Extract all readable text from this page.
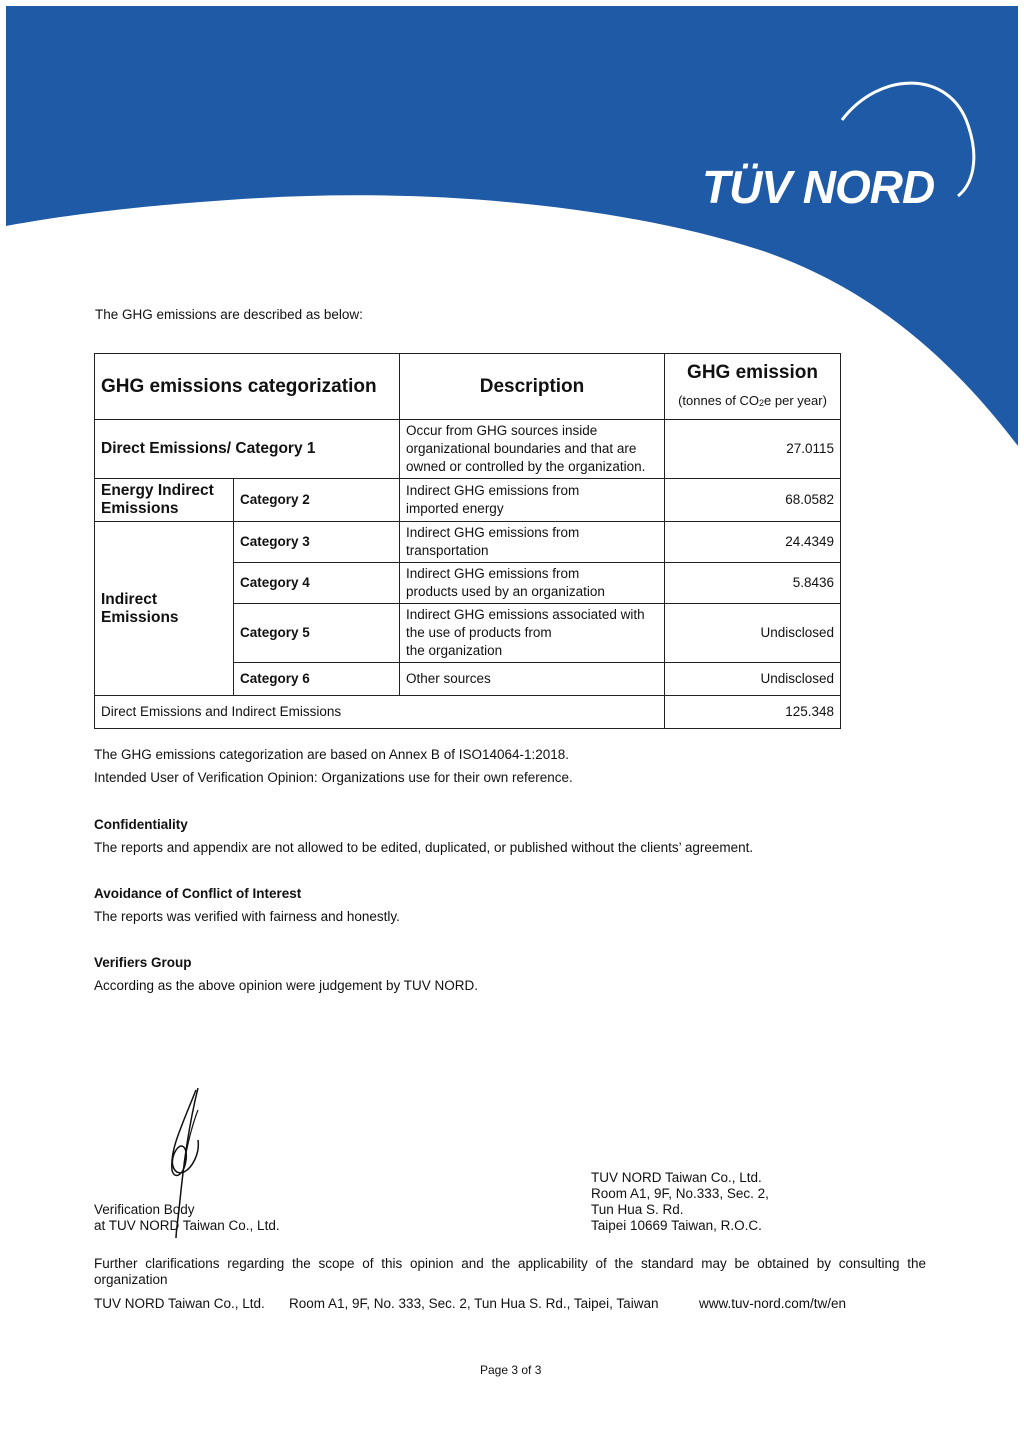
TÜV NORD
The GHG emissions are described as below:
GHG emissions categorization		Description	GHG emission
(tonnes of $CO_2e$ per year)
Direct Emissions/ Category 1		Occur from GHG sources inside
organizational boundaries and that are
owned or controlled by the organization.	27.0115
Energy Indirect
Emissions	Category 2	Indirect GHG emissions from
imported energy	68.0582
Indirect
Emissions	Category 3	Indirect GHG emissions from
transportation	24.4349
	Category 4	Indirect GHG emissions from
products used by an organization	5.8436
	Category 5	Indirect GHG emissions associated with
the use of products from
the organization	Undisclosed
	Category 6	Other sources	Undisclosed
Direct Emissions and Indirect Emissions			125.348
The GHG emissions categorization are based on Annex B of ISO14064-1:2018.
Intended User of Verification Opinion: Organizations use for their own reference.
Confidentiality
The reports and appendix are not allowed to be edited, duplicated, or published without the clients’ agreement.
Avoidance of Conflict of Interest
The reports was verified with fairness and honestly.
Verifiers Group
According as the above opinion were judgement by TUV NORD.
Verification Body
at TUV NORD Taiwan Co., Ltd.
TUV NORD Taiwan Co., Ltd.
Room A1, 9F, No.333, Sec. 2,
Tun Hua S. Rd.
Taipei 10669 Taiwan, R.O.C.
Further clarifications regarding the scope of this opinion and the applicability of the standard may be obtained by consulting the organization
TUV NORD Taiwan Co., Ltd. Room A1, 9F, No. 333, Sec. 2, Tun Hua S. Rd., Taipei, Taiwan	www.tuv-nord.com/tw/en
Page 3 of 3
